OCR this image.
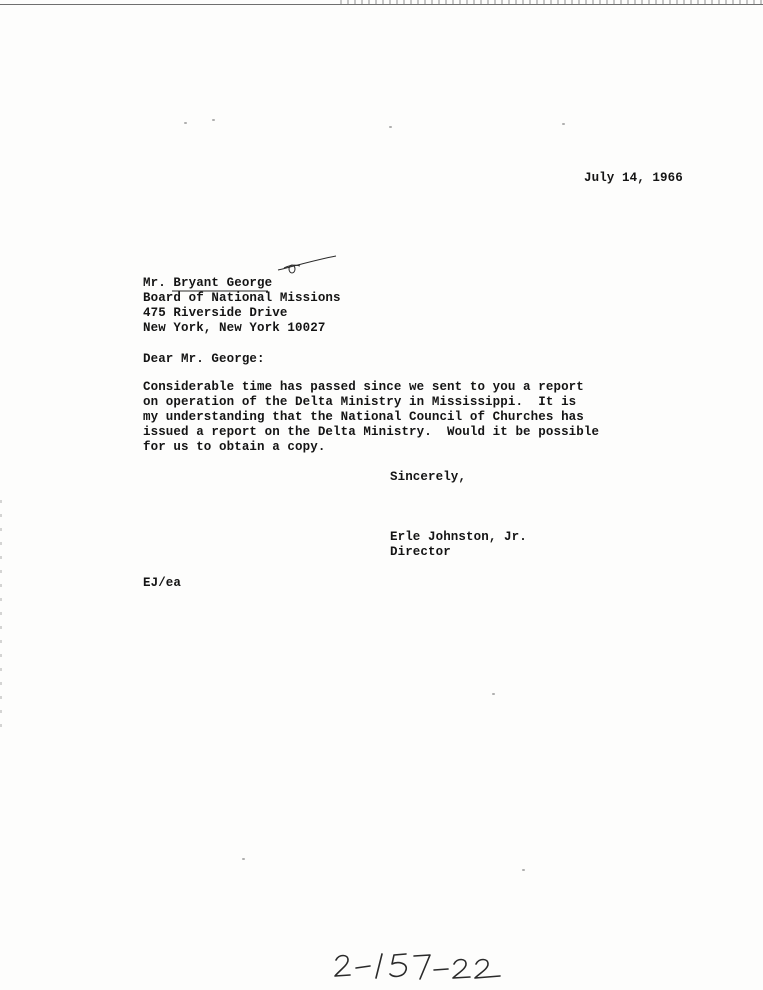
July 14, 1966
Mr. Bryant George
Board of National Missions
475 Riverside Drive
New York, New York 10027
Dear Mr. George:
Considerable time has passed since we sent to you a report
on operation of the Delta Ministry in Mississippi.  It is
my understanding that the National Council of Churches has
issued a report on the Delta Ministry.  Would it be possible
for us to obtain a copy.
Sincerely,
Erle Johnston, Jr.
Director
EJ/ea
